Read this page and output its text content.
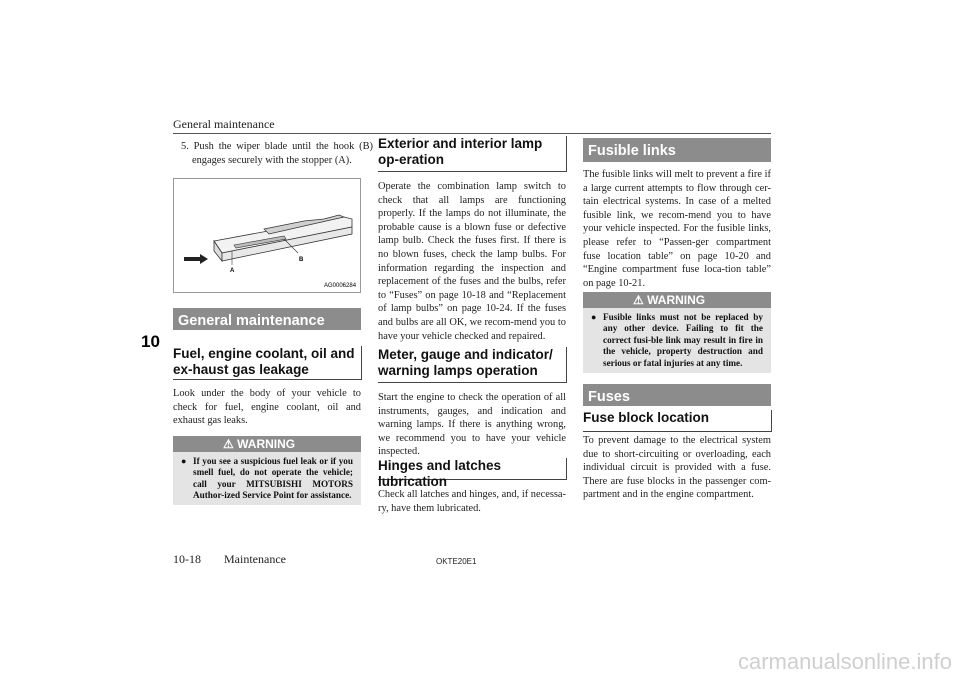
General maintenance
10
5. Push the wiper blade until the hook (B) engages securely with the stopper (A).
A
B
AG0006284
General maintenance
Fuel, engine coolant, oil and ex-haust gas leakage
Look under the body of your vehicle to check for fuel, engine coolant, oil and exhaust gas leaks.
⚠ WARNING
● If you see a suspicious fuel leak or if you smell fuel, do not operate the vehicle; call your MITSUBISHI MOTORS Author-ized Service Point for assistance.
Exterior and interior lamp op-eration
Operate the combination lamp switch to check that all lamps are functioning properly. If the lamps do not illuminate, the probable cause is a blown fuse or defective lamp bulb. Check the fuses first. If there is no blown fuses, check the lamp bulbs. For information regarding the inspection and replacement of the fuses and the bulbs, refer to “Fuses” on page 10-18 and “Replacement of lamp bulbs” on page 10-24. If the fuses and bulbs are all OK, we recom-mend you to have your vehicle checked and repaired.
Meter, gauge and indicator/ warning lamps operation
Start the engine to check the operation of all instruments, gauges, and indication and warning lamps. If there is anything wrong, we recommend you to have your vehicle inspected.
Hinges and latches lubrication
Check all latches and hinges, and, if necessa-ry, have them lubricated.
Fusible links
The fusible links will melt to prevent a fire if a large current attempts to flow through cer-tain electrical systems. In case of a melted fusible link, we recom-mend you to have your vehicle inspected. For the fusible links, please refer to “Passen-ger compartment fuse location table” on page 10-20 and “Engine compartment fuse loca-tion table” on page 10-21.
⚠ WARNING
● Fusible links must not be replaced by any other device. Failing to fit the correct fusi-ble link may result in fire in the vehicle, property destruction and serious or fatal injuries at any time.
Fuses
Fuse block location
To prevent damage to the electrical system due to short-circuiting or overloading, each individual circuit is provided with a fuse. There are fuse blocks in the passenger com-partment and in the engine compartment.
10-18 Maintenance	OKTE20E1
carmanualsonline.info
